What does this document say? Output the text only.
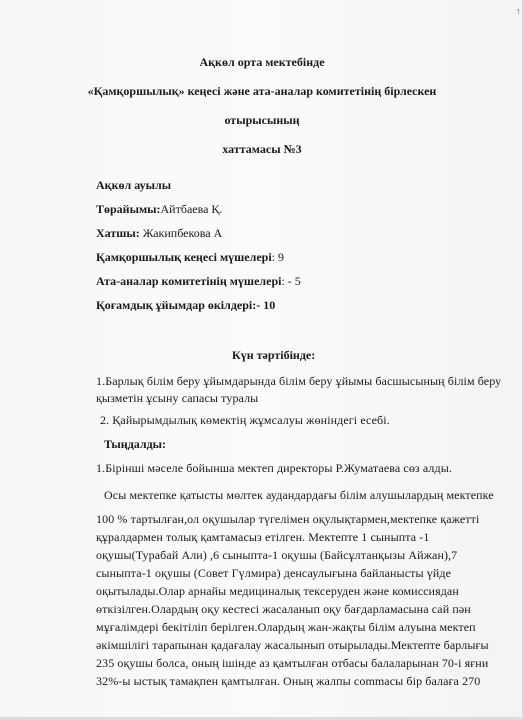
↑
Ақкөл орта мектебінде
«Қамқоршылық» кеңесі және ата-аналар комитетінің бірлескен
отырысының
хаттамасы №3
Ақкөл ауылы
Төрайымы:Айтбаева Қ.
Хатшы: Жакипбекова А
Қамқоршылық кеңесі мүшелері: 9
Ата-аналар комитетінің мүшелері: - 5
Қоғамдық ұйымдар өкілдері:- 10
Күн тәртібінде:
1.Барлық білім беру ұйымдарында білім беру ұйымы басшысының білім беру
қызметін ұсыну сапасы туралы
2. Қайырымдылық көмектің жұмсалуы жөніндегі есебі.
Тыңдалды:
1.Бірінші мәселе бойынша мектеп директоры Р.Жуматаева сөз алды.
Осы мектепке қатысты мөлтек аудандардағы білім алушылардың мектепке
100 % тартылған,ол оқушылар түгелімен оқулықтармен,мектепке қажетті
құралдармен толық қамтамасыз етілген. Мектепте 1 сыныпта -1
оқушы(Турабай Али) ,6 сыныпта-1 оқушы (Байсұлтанқызы Айжан),7
сыныпта-1 оқушы (Совет Гүлмира) денсаулығына байланысты үйде
оқытылады.Олар арнайы медициналық тексеруден және комиссиядан
өткізілген.Олардың оқу кестесі жасаланып оқу бағдарламасына сай пән
мұғалімдері бекітіліп берілген.Олардың жан-жақты білім алуына мектеп
әкімшілігі тарапынан қадағалау жасалынып отырылады.Мектепте барлығы
235 оқушы болса, оның ішінде аз қамтылған отбасы балаларынан 70-і яғни
32%-ы ыстық тамақпен қамтылған. Оның жалпы сommасы бір балаға 270
